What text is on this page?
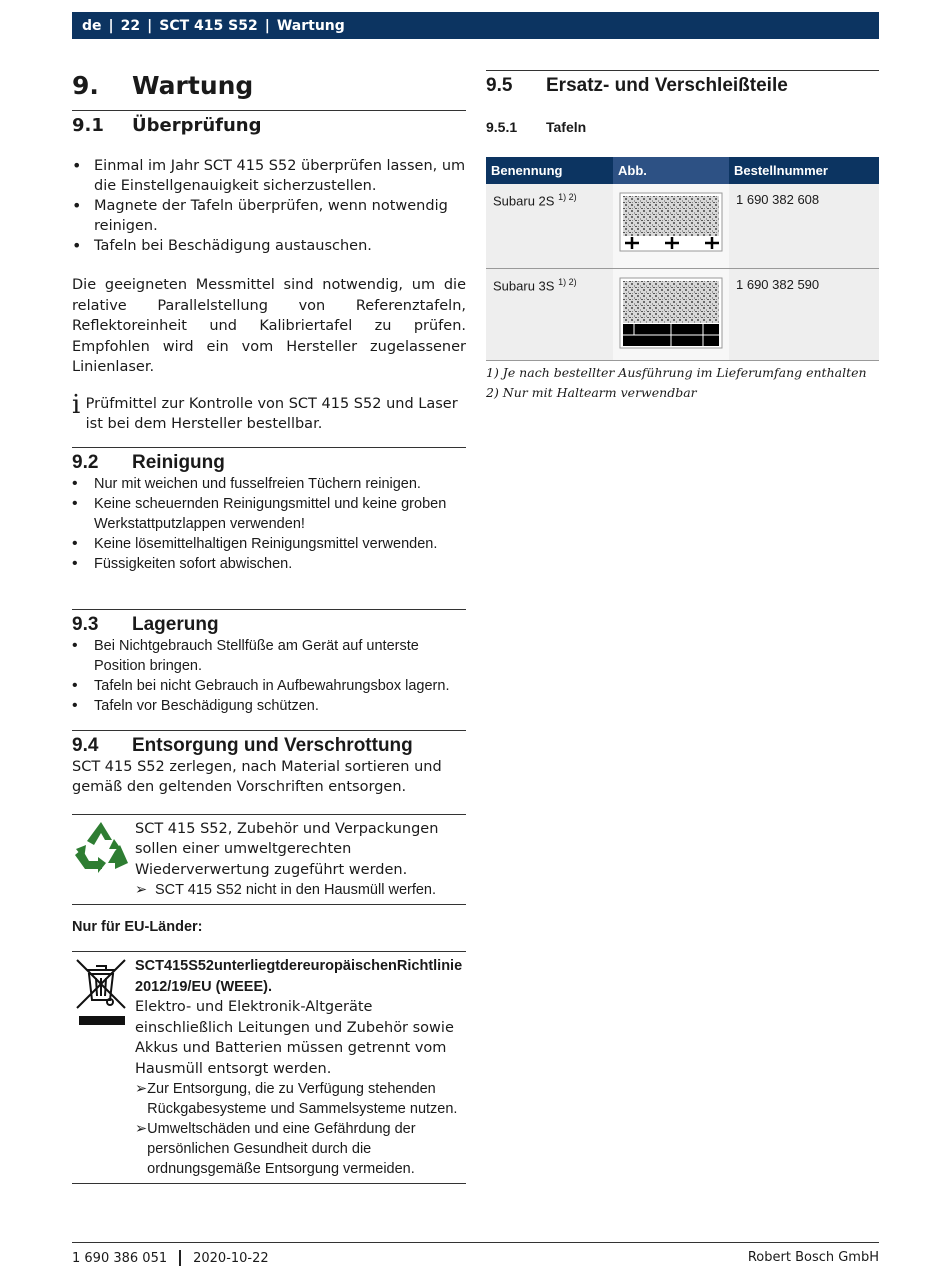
de | 22 | SCT 415 S52 | Wartung
9.	Wartung
9.1	Überprüfung
• Einmal im Jahr SCT 415 S52 überprüfen lassen, um die Einstellgenauigkeit sicherzustellen.
• Magnete der Tafeln überprüfen, wenn notwendig reinigen.
• Tafeln bei Beschädigung austauschen.

Die geeigneten Messmittel sind notwendig, um die relative Parallelstellung von Referenztafeln, Reflektoreinheit und Kalibriertafel zu prüfen. Empfohlen wird ein vom Hersteller zugelassener Linienlaser.

i Prüfmittel zur Kontrolle von SCT 415 S52 und Laser ist bei dem Hersteller bestellbar.
9.2	Reinigung
• Nur mit weichen und fusselfreien Tüchern reinigen.
• Keine scheuernden Reinigungsmittel und keine groben Werkstattputzlappen verwenden!
• Keine lösemittelhaltigen Reinigungsmittel verwenden.
• Füssigkeiten sofort abwischen.
9.3	Lagerung
• Bei Nichtgebrauch Stellfüße am Gerät auf unterste Position bringen.
• Tafeln bei nicht Gebrauch in Aufbewahrungsbox lagern.
• Tafeln vor Beschädigung schützen.
9.4	Entsorgung und Verschrottung

SCT 415 S52 zerlegen, nach Material sortieren und gemäß den geltenden Vorschriften entsorgen.

SCT 415 S52, Zubehör und Verpackungen sollen einer umweltgerechten Wiederverwertung zugeführt werden.
➢ SCT 415 S52 nicht in den Hausmüll werfen.
Nur für EU-Länder:
SCT415S52unterliegtdereuropäischenRichtlinie 2012/19/EU (WEEE).
Elektro- und Elektronik-Altgeräte einschließlich Leitungen und Zubehör sowie Akkus und Batterien müssen getrennt vom Hausmüll entsorgt werden.
➢ Zur Entsorgung, die zu Verfügung stehenden Rückgabesysteme und Sammelsysteme nutzen.
➢ Umweltschäden und eine Gefährdung der persönlichen Gesundheit durch die ordnungsgemäße Entsorgung vermeiden.
9.5	Ersatz- und Verschleißteile
9.5.1	Tafeln
Benennung	Abb.	Bestellnummer
Subaru 2S $^{1) 2)}$		1 690 382 608
Subaru 3S $^{1) 2)}$		1 690 382 590
1) Je nach bestellter Ausführung im Lieferumfang enthalten
2) Nur mit Haltearm verwendbar
1 690 386 051 2020-10-22	Robert Bosch GmbH
